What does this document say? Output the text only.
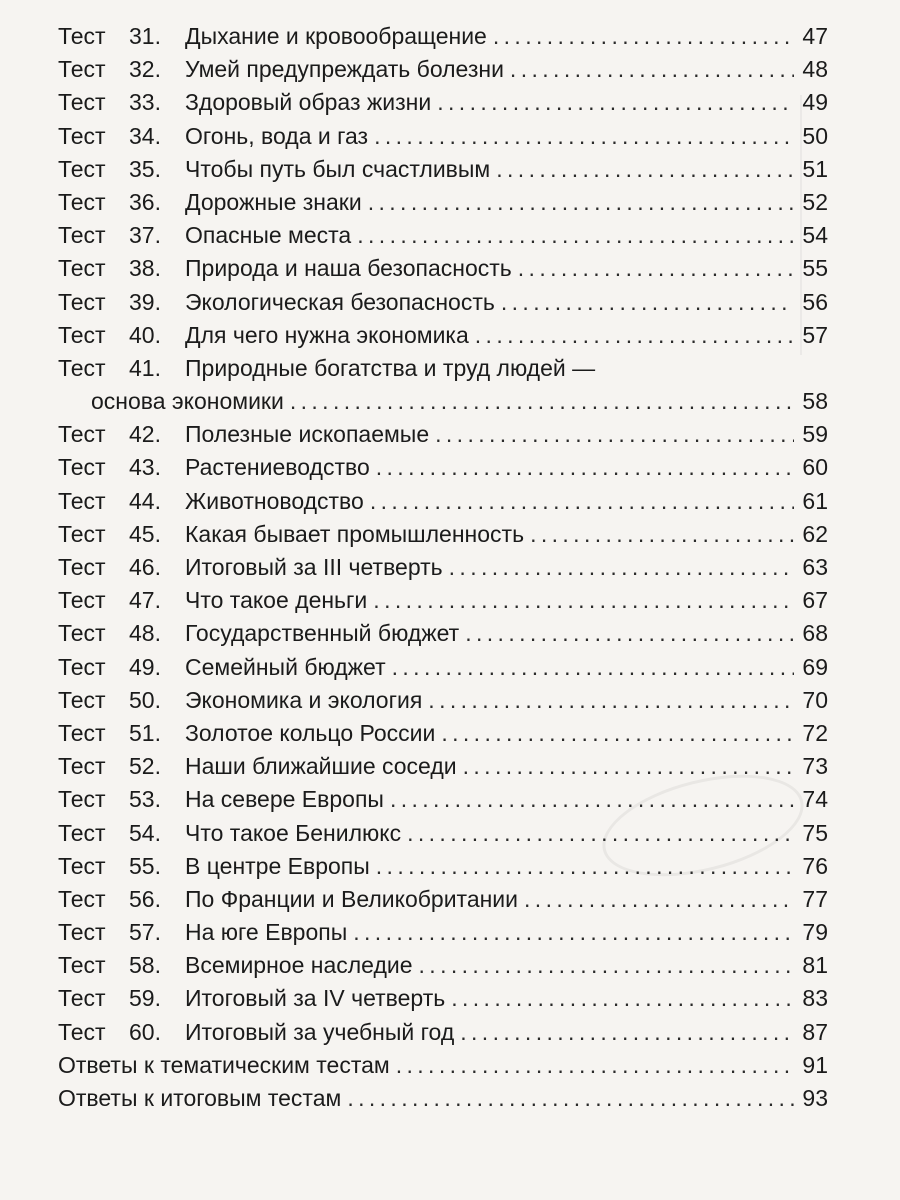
Тест 31. Дыхание и кровообращение . . .	47
Тест 32. Умей предупреждать болезни . . .	48
Тест 33. Здоровый образ жизни . . .	49
Тест 34. Огонь, вода и газ . . .	50
Тест 35. Чтобы путь был счастливым . . .	51
Тест 36. Дорожные знаки . . .	52
Тест 37. Опасные места . . .	54
Тест 38. Природа и наша безопасность . . .	55
Тест 39. Экологическая безопасность . . .	56
Тест 40. Для чего нужна экономика . . .	57
Тест 41. Природные богатства и труд людей —
основа экономики . . .	58
Тест 42. Полезные ископаемые . . .	59
Тест 43. Растениеводство . . .	60
Тест 44. Животноводство . . .	61
Тест 45. Какая бывает промышленность . . .	62
Тест 46. Итоговый за III четверть . . .	63
Тест 47. Что такое деньги . . .	67
Тест 48. Государственный бюджет . . .	68
Тест 49. Семейный бюджет . . .	69
Тест 50. Экономика и экология . . .	70
Тест 51. Золотое кольцо России . . .	72
Тест 52. Наши ближайшие соседи . . .	73
Тест 53. На севере Европы . . .	74
Тест 54. Что такое Бенилюкс . . .	75
Тест 55. В центре Европы . . .	76
Тест 56. По Франции и Великобритании . . .	77
Тест 57. На юге Европы . . .	79
Тест 58. Всемирное наследие . . .	81
Тест 59. Итоговый за IV четверть . . .	83
Тест 60. Итоговый за учебный год . . .	87
Ответы к тематическим тестам . . .	91
Ответы к итоговым тестам . . .	93
